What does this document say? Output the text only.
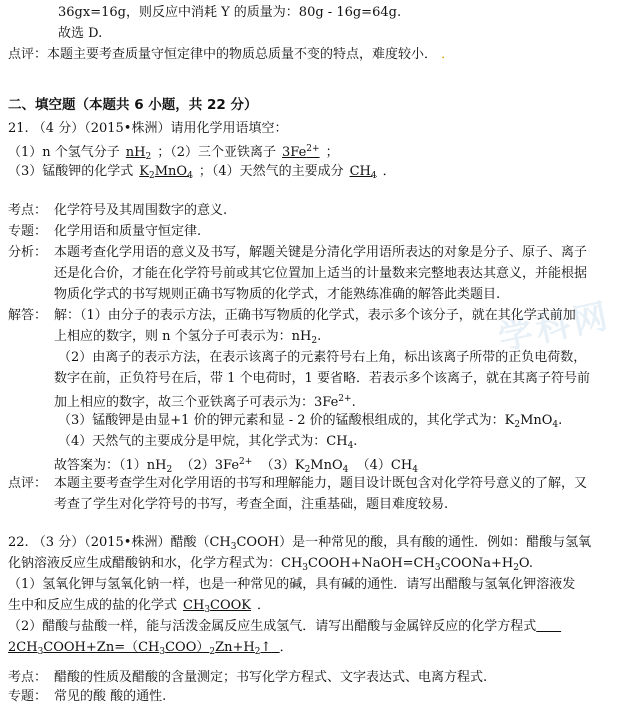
学科网
36gx=16g，则反应中消耗 Y 的质量为：80g - 16g=64g.
故选 D.
点评：本题主要考查质量守恒定律中的物质总质量不变的特点，难度较小． ．
二、填空题（本题共 6 小题，共 22 分）
21. （4 分）（2015•株洲）请用化学用语填空：
（1）n 个氢气分子 $nH_2$ ；（2）三个亚铁离子 $3Fe^{2+}$ ；
（3）锰酸钾的化学式 $K_2MnO_4$ ；（4）天然气的主要成分 $CH_4$ ．
考点： 化学符号及其周围数字的意义.
专题： 化学用语和质量守恒定律.
分析： 本题考查化学用语的意义及书写，解题关键是分清化学用语所表达的对象是分子、原子、离子
还是化合价，才能在化学符号前或其它位置加上适当的计量数来完整地表达其意义，并能根据
物质化学式的书写规则正确书写物质的化学式，才能熟练准确的解答此类题目.
解答： 解：（1）由分子的表示方法，正确书写物质的化学式，表示多个该分子，就在其化学式前加
上相应的数字，则 n 个氢分子可表示为：$nH_2$.
（2）由离子的表示方法，在表示该离子的元素符号右上角，标出该离子所带的正负电荷数，
数字在前，正负符号在后，带 1 个电荷时，1 要省略．若表示多个该离子，就在其离子符号前
加上相应的数字，故三个亚铁离子可表示为：$3Fe^{2+}$.
（3）锰酸钾是由显+1 价的钾元素和显 - 2 价的锰酸根组成的，其化学式为：$K_2MnO_4$.
（4）天然气的主要成分是甲烷，其化学式为：$CH_4$.
故答案为：$(1)nH_2$ $(2)3Fe^{2+}$ $(3)K_2MnO_4$ $(4)CH_4$
点评： 本题主要考查学生对化学用语的书写和理解能力，题目设计既包含对化学符号意义的了解，又
考查了学生对化学符号的书写，考查全面，注重基础，题目难度较易.
22. （3 分）（2015•株洲）醋酸$(CH_3COOH)$是一种常见的酸，具有酸的通性．例如：醋酸与氢氧
化钠溶液反应生成醋酸钠和水，化学方程式为：$CH_3COOH+NaOH=CH_3COONa+H_2O$.
（1）氢氧化钾与氢氧化钠一样，也是一种常见的碱，具有碱的通性．请写出醋酸与氢氧化钾溶液发
生中和反应生成的盐的化学式 $CH_3COOK$ ．
（2）醋酸与盐酸一样，能与活泼金属反应生成氢气．请写出醋酸与金属锌反应的化学方程式
$2CH_3COOH+Zn=(CH_3COO)_2Zn+H_2↑$ ．
考点： 醋酸的性质及醋酸的含量测定；书写化学方程式、文字表达式、电离方程式.
专题： 常见的酸 酸的通性.
